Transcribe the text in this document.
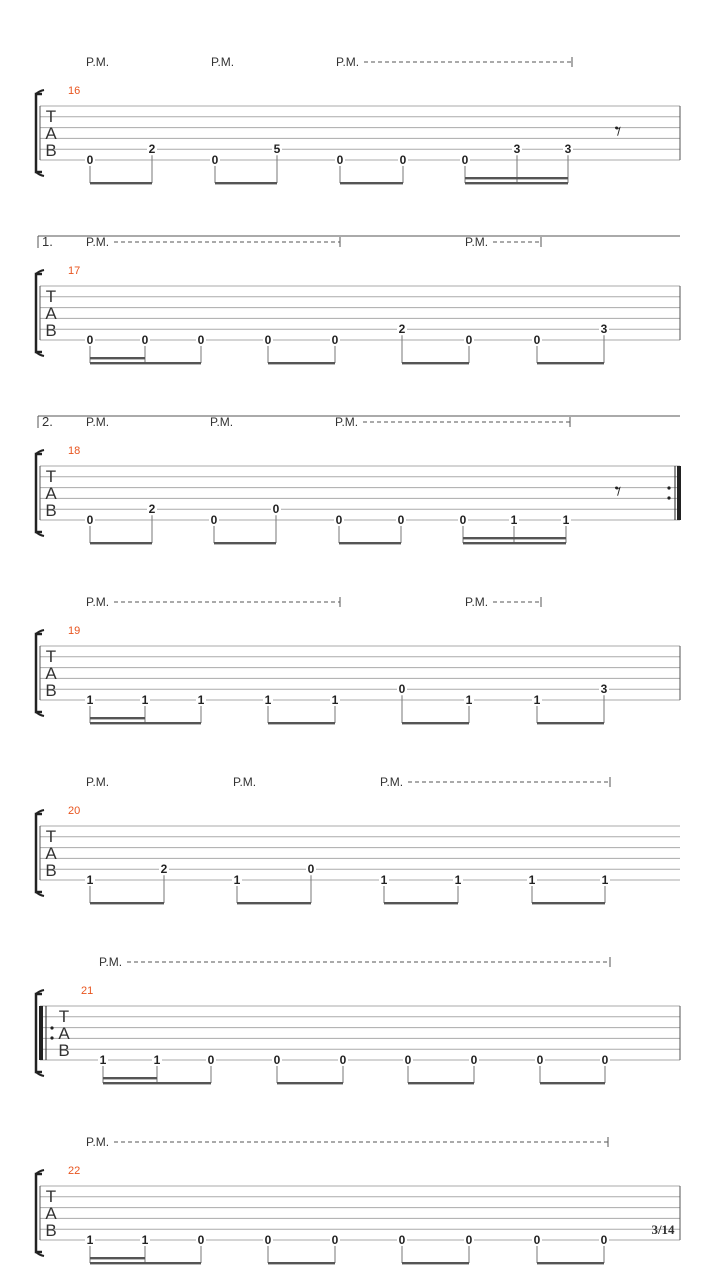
P.M.	P.M.	P.M.
T
A
B
16
𝄾
0
2
0
5
0	0	0
3	3
1.	P.M.	P.M.
T
A
B
17
0	0	0	0	0
2
0	0
3
2.	P.M.	P.M.	P.M.
T
A
B
18
𝄾
0
2
0
0
0	0	0	1	1
P.M.	P.M.
T
A
B
19
1	1	1	1	1
0
1	1
3
P.M.	P.M.	P.M.
T
A
B
20
1
2
1
0
1	1	1	1
P.M.
T
A
B
21
1	1	0	0	0	0	0	0	0
P.M.
T
A
B
22
1	1	0	0	0	0	0	0	0
3/14
